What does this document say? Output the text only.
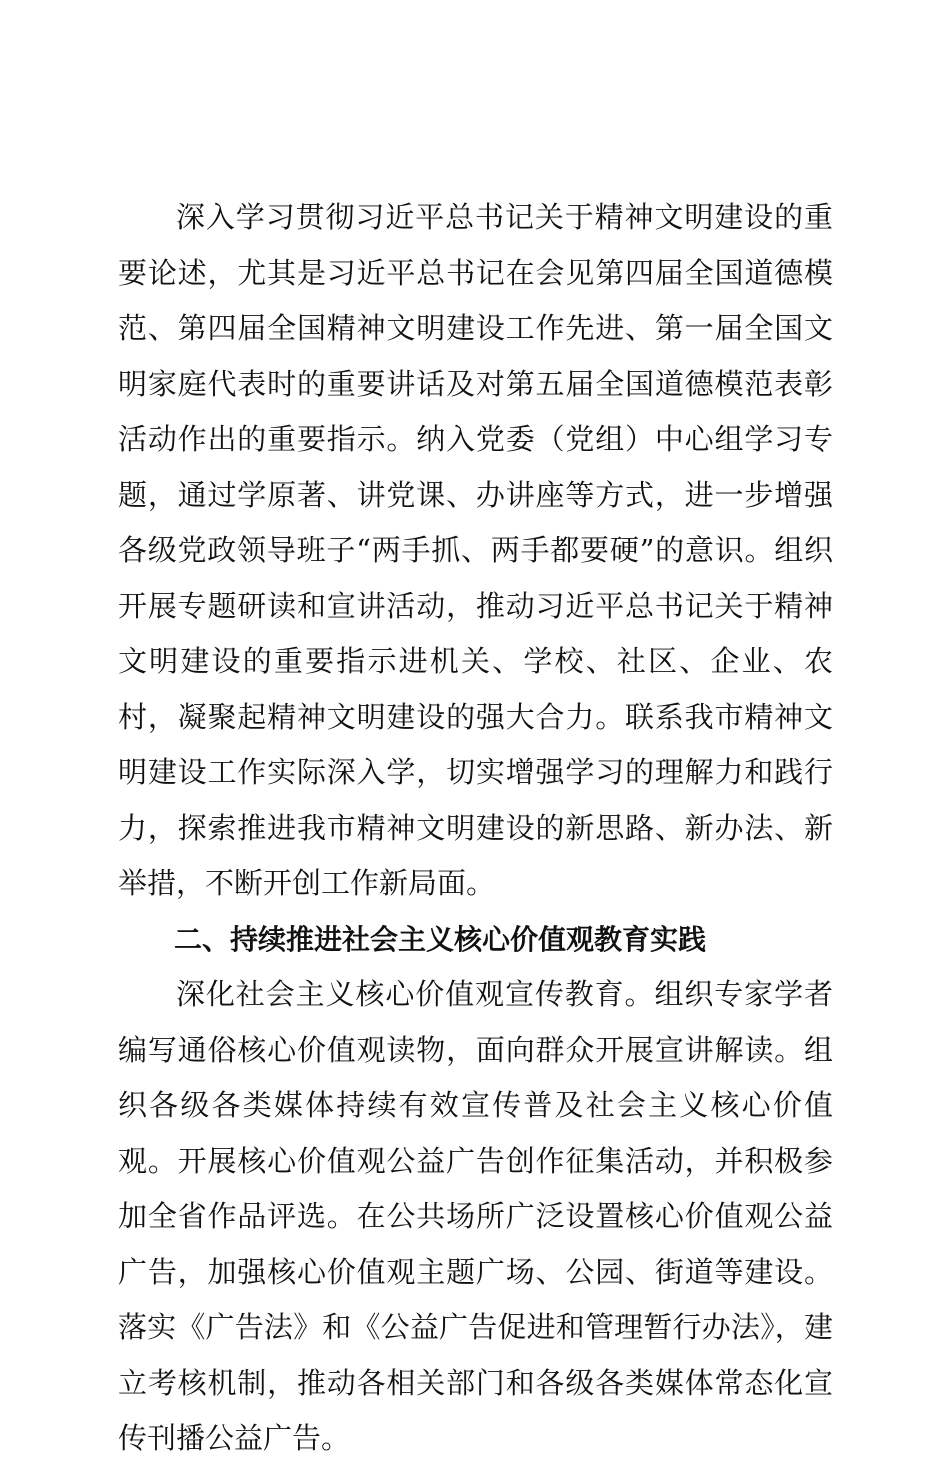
深入学习贯彻习近平总书记关于精神文明建设的重要论述，尤其是习近平总书记在会见第四届全国道德模范、第四届全国精神文明建设工作先进、第一届全国文明家庭代表时的重要讲话及对第五届全国道德模范表彰活动作出的重要指示。纳入党委（党组）中心组学习专题，通过学原著、讲党课、办讲座等方式，进一步增强各级党政领导班子“两手抓、两手都要硬”的意识。组织开展专题研读和宣讲活动，推动习近平总书记关于精神文明建设的重要指示进机关、学校、社区、企业、农村，凝聚起精神文明建设的强大合力。联系我市精神文明建设工作实际深入学，切实增强学习的理解力和践行力，探索推进我市精神文明建设的新思路、新办法、新举措，不断开创工作新局面。

二、持续推进社会主义核心价值观教育实践

深化社会主义核心价值观宣传教育。组织专家学者编写通俗核心价值观读物，面向群众开展宣讲解读。组织各级各类媒体持续有效宣传普及社会主义核心价值观。开展核心价值观公益广告创作征集活动，并积极参加全省作品评选。在公共场所广泛设置核心价值观公益广告，加强核心价值观主题广场、公园、街道等建设。落实《广告法》和《公益广告促进和管理暂行办法》，建立考核机制，推动各相关部门和各级各类媒体常态化宣传刊播公益广告。
